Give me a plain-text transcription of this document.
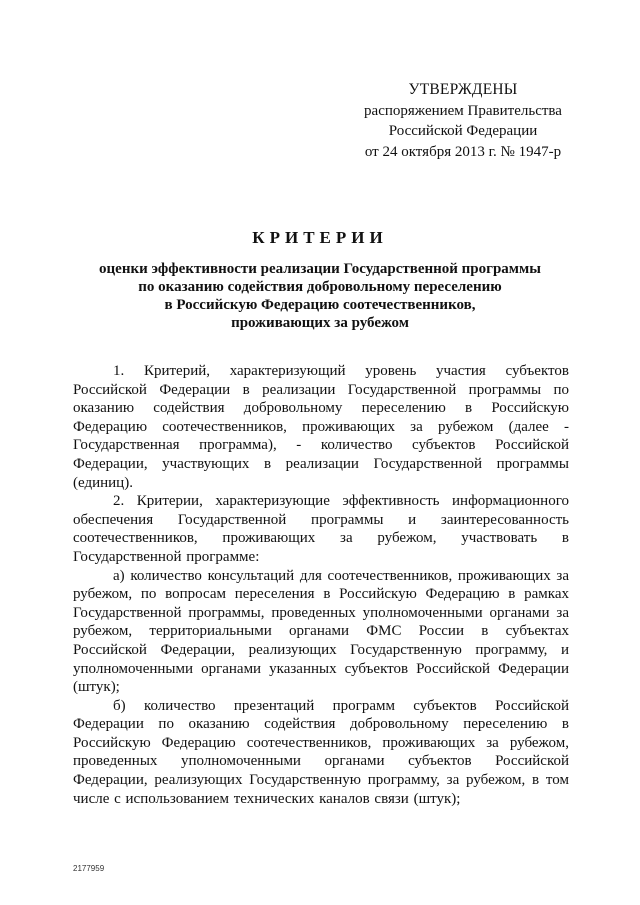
УТВЕРЖДЕНЫ
распоряжением Правительства
Российской Федерации
от 24 октября 2013 г. № 1947-р
КРИТЕРИИ
оценки эффективности реализации Государственной программы
по оказанию содействия добровольному переселению
в Российскую Федерацию соотечественников,
проживающих за рубежом

1. Критерий, характеризующий уровень участия субъектов Российской Федерации в реализации Государственной программы по оказанию содействия добровольному переселению в Российскую Федерацию соотечественников, проживающих за рубежом (далее - Государственная программа), - количество субъектов Российской Федерации, участвующих в реализации Государственной программы (единиц).

2. Критерии, характеризующие эффективность информационного обеспечения Государственной программы и заинтересованность соотечественников, проживающих за рубежом, участвовать в Государственной программе:

а) количество консультаций для соотечественников, проживающих за рубежом, по вопросам переселения в Российскую Федерацию в рамках Государственной программы, проведенных уполномоченными органами за рубежом, территориальными органами ФМС России в субъектах Российской Федерации, реализующих Государственную программу, и уполномоченными органами указанных субъектов Российской Федерации (штук);

б) количество презентаций программ субъектов Российской Федерации по оказанию содействия добровольному переселению в Российскую Федерацию соотечественников, проживающих за рубежом, проведенных уполномоченными органами субъектов Российской Федерации, реализующих Государственную программу, за рубежом, в том числе с использованием технических каналов связи (штук);

2177959
